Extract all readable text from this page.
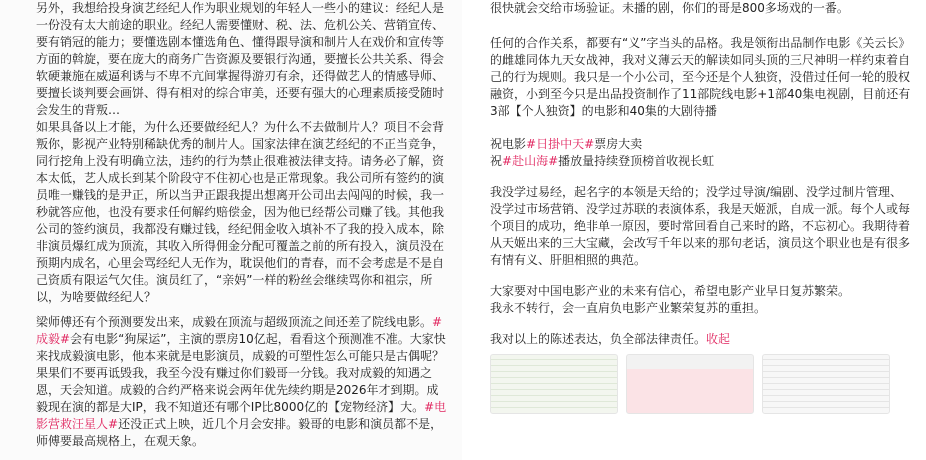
另外，我想给投身演艺经纪人作为职业规划的年轻人一些小的建议：经纪人是一份没有太大前途的职业。经纪人需要懂财、税、法、危机公关、营销宣传、要有销冠的能力；要懂选剧本懂选角色、懂得跟导演和制片人在戏价和宣传等方面的斡旋，要在庞大的商务广告资源及要银行沟通，要擅长公共关系、得会软硬兼施在威逼利诱与不卑不亢间掌握得游刃有余，还得做艺人的情感导师、要擅长谈判要会画饼、得有相对的综合审美，还要有强大的心理素质接受随时会发生的背叛…

如果具备以上才能，为什么还要做经纪人？为什么不去做制片人？项目不会背叛你，影视产业特别稀缺优秀的制片人。国家法律在演艺经纪的不正当竞争，同行挖角上没有明确立法，违约的行为禁止很难被法律支持。请务必了解，资本太低，艺人成长到某个阶段守不住初心也是正常现象。我公司所有签约的演员唯一赚钱的是尹正，所以当尹正跟我提出想离开公司出去闯闯的时候，我一秒就答应他，也没有要求任何解约赔偿金，因为他已经帮公司赚了钱。其他我公司的签约演员，我都没有赚过钱，经纪佣金收入填补不了我的投入成本，除非演员爆红成为顶流，其收入所得佣金分配可覆盖之前的所有投入，演员没在预期内成名，心里会骂经纪人无作为，耽误他们的青春，而不会考虑是不是自己资质有限运气欠佳。演员红了，“亲妈”一样的粉丝会继续骂你和祖宗，所以，为啥要做经纪人？

梁师傅还有个预测要发出来，成毅在顶流与超级顶流之间还差了院线电影。#成毅#会有电影“狗屎运”，主演的票房10亿起，看看这个预测准不准。大家快来找成毅演电影，他本来就是电影演员，成毅的可塑性怎么可能只是古偶呢？果果们不要再诋毁我，我至今没有赚过你们毅哥一分钱。我对成毅的知遇之恩，天会知道。成毅的合约严格来说会两年优先续约期是2026年才到期。成毅现在演的都是大IP，我不知道还有哪个IP比8000亿的【宠物经济】大。#电影营救汪星人#还没正式上映，近几个月会安排。毅哥的电影和演员都不是，师傅要最高规格上，在观天象。

很快就会交给市场验证。未播的剧，你们的哥是800多场戏的一番。

任何的合作关系，都要有“义”字当头的品格。我是领衔出品制作电影《关云长》的雌雄同体九天女战神，我对义薄云天的解读如同头顶的三尺神明一样约束着自己的行为规则。我只是一个小公司，至今还是个人独资，没借过任何一轮的股权融资，小到至今只是出品投资制作了11部院线电影+1部40集电视剧，目前还有3部【个人独资】的电影和40集的大剧待播

祝电影#日掛中天#票房大卖

祝#赴山海#播放量持续登顶榜首收视长虹

我没学过易经，起名字的本领是天给的；没学过导演/编剧、没学过制片管理、没学过市场营销、没学过苏联的表演体系，我是天姬派，自成一派。每个人或每个项目的成功，绝非单一原因，要时常回看自己来时的路，不忘初心。我期待着从天姬出来的三大宝藏，会改写千年以来的那句老话，演员这个职业也是有很多有情有义、肝胆相照的典范。

大家要对中国电影产业的未来有信心，希望电影产业早日复苏繁荣。

我永不转行，会一直肩负电影产业繁荣复苏的重担。

我对以上的陈述表达，负全部法律责任。收起
